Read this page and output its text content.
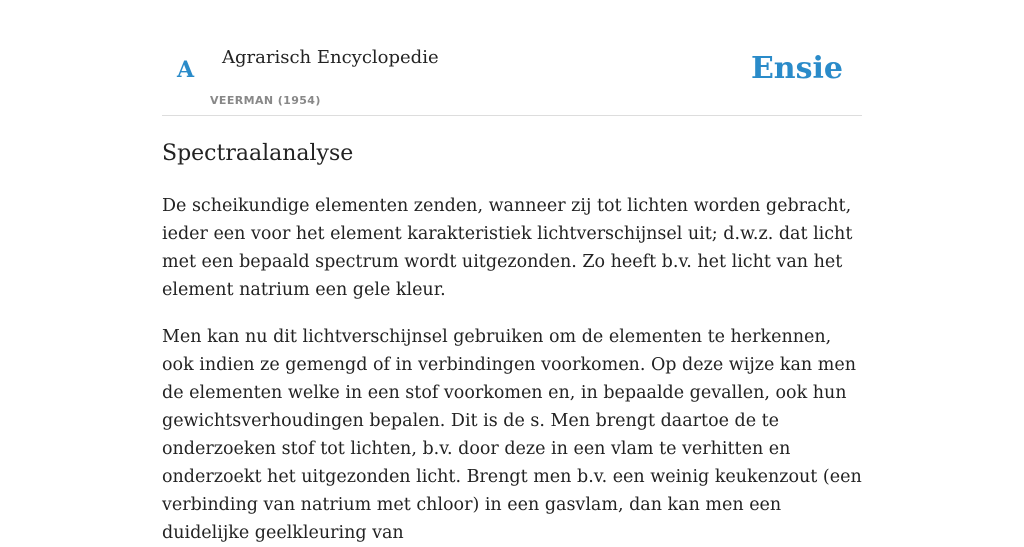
A Agrarisch Encyclopedie
VEERMAN (1954)
Ensie
Spectraalanalyse

De scheikundige elementen zenden, wanneer zij tot lichten worden gebracht, ieder een voor het element karakteristiek lichtverschijnsel uit; d.w.z. dat licht met een bepaald spectrum wordt uitgezonden. Zo heeft b.v. het licht van het element natrium een gele kleur.

Men kan nu dit lichtverschijnsel gebruiken om de elementen te herkennen, ook indien ze gemengd of in verbindingen voorkomen. Op deze wijze kan men de elementen welke in een stof voorkomen en, in bepaalde gevallen, ook hun gewichtsverhoudingen bepalen. Dit is de s. Men brengt daartoe de te onderzoeken stof tot lichten, b.v. door deze in een vlam te verhitten en onderzoekt het uitgezonden licht. Brengt men b.v. een weinig keukenzout (een verbinding van natrium met chloor) in een gasvlam, dan kan men een duidelijke geelkleuring van
